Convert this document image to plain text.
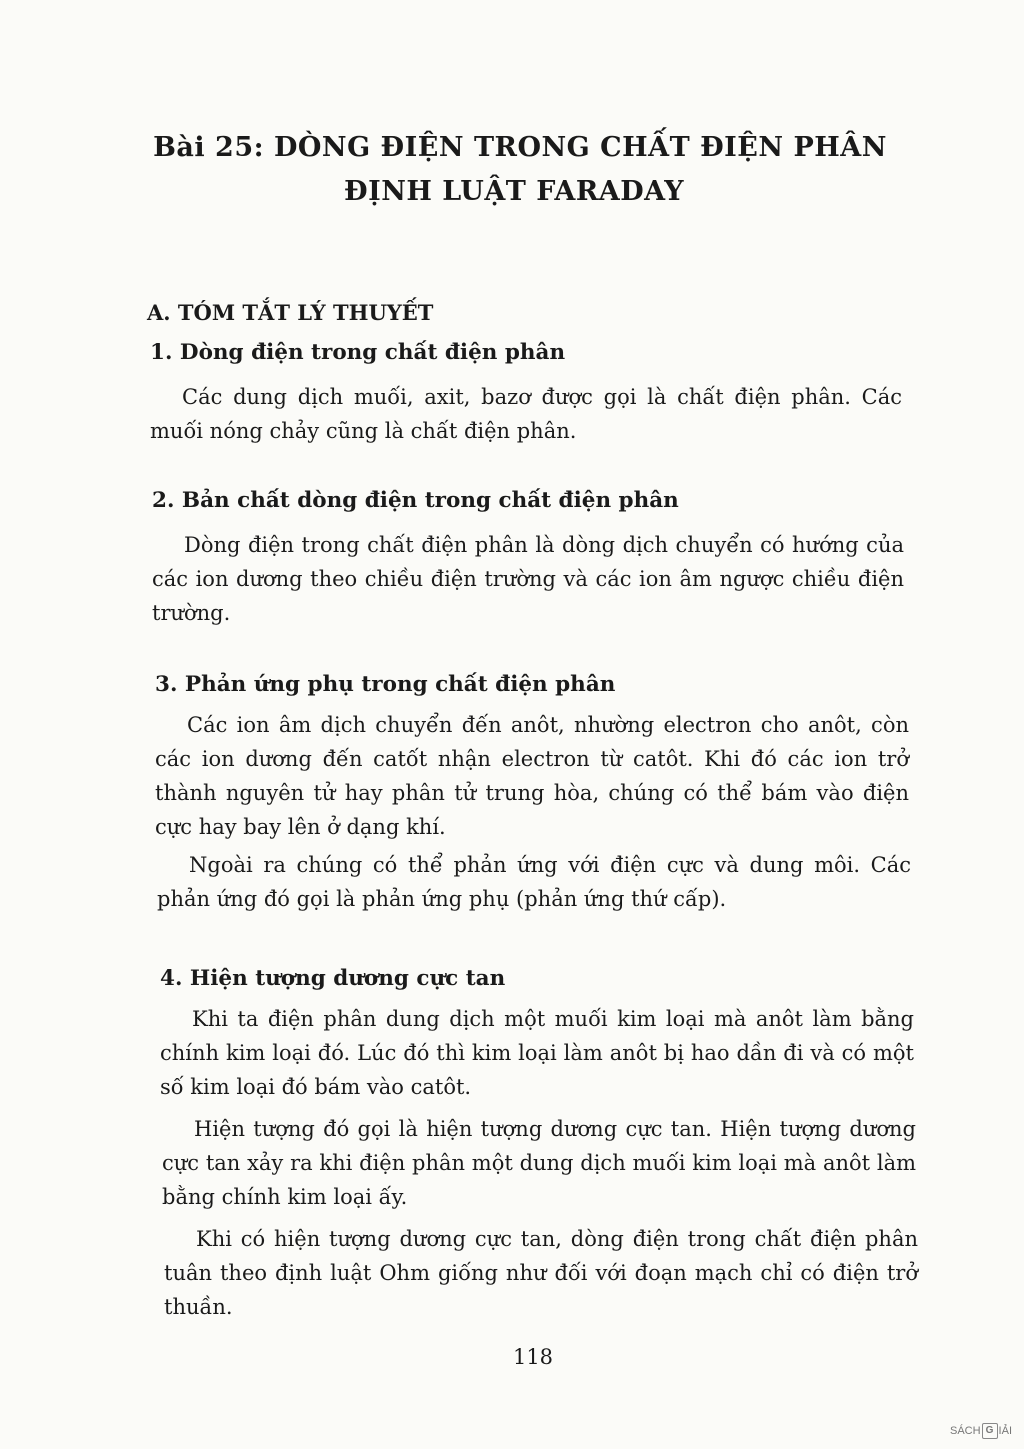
Bài 25: DÒNG ĐIỆN TRONG CHẤT ĐIỆN PHÂN
ĐỊNH LUẬT FARADAY
A. TÓM TẮT LÝ THUYẾT
1. Dòng điện trong chất điện phân

Các dung dịch muối, axit, bazơ được gọi là chất điện phân. Các muối nóng chảy cũng là chất điện phân.

2. Bản chất dòng điện trong chất điện phân

Dòng điện trong chất điện phân là dòng dịch chuyển có hướng của các ion dương theo chiều điện trường và các ion âm ngược chiều điện trường.

3. Phản ứng phụ trong chất điện phân

Các ion âm dịch chuyển đến anôt, nhường electron cho anôt, còn các ion dương đến catốt nhận electron từ catôt. Khi đó các ion trở thành nguyên tử hay phân tử trung hòa, chúng có thể bám vào điện cực hay bay lên ở dạng khí.

Ngoài ra chúng có thể phản ứng với điện cực và dung môi. Các phản ứng đó gọi là phản ứng phụ (phản ứng thứ cấp).

4. Hiện tượng dương cực tan

Khi ta điện phân dung dịch một muối kim loại mà anôt làm bằng chính kim loại đó. Lúc đó thì kim loại làm anôt bị hao dần đi và có một số kim loại đó bám vào catôt.

Hiện tượng đó gọi là hiện tượng dương cực tan. Hiện tượng dương cực tan xảy ra khi điện phân một dung dịch muối kim loại mà anôt làm bằng chính kim loại ấy.

Khi có hiện tượng dương cực tan, dòng điện trong chất điện phân tuân theo định luật Ohm giống như đối với đoạn mạch chỉ có điện trở thuần.

118
SÁCH G IẢI
